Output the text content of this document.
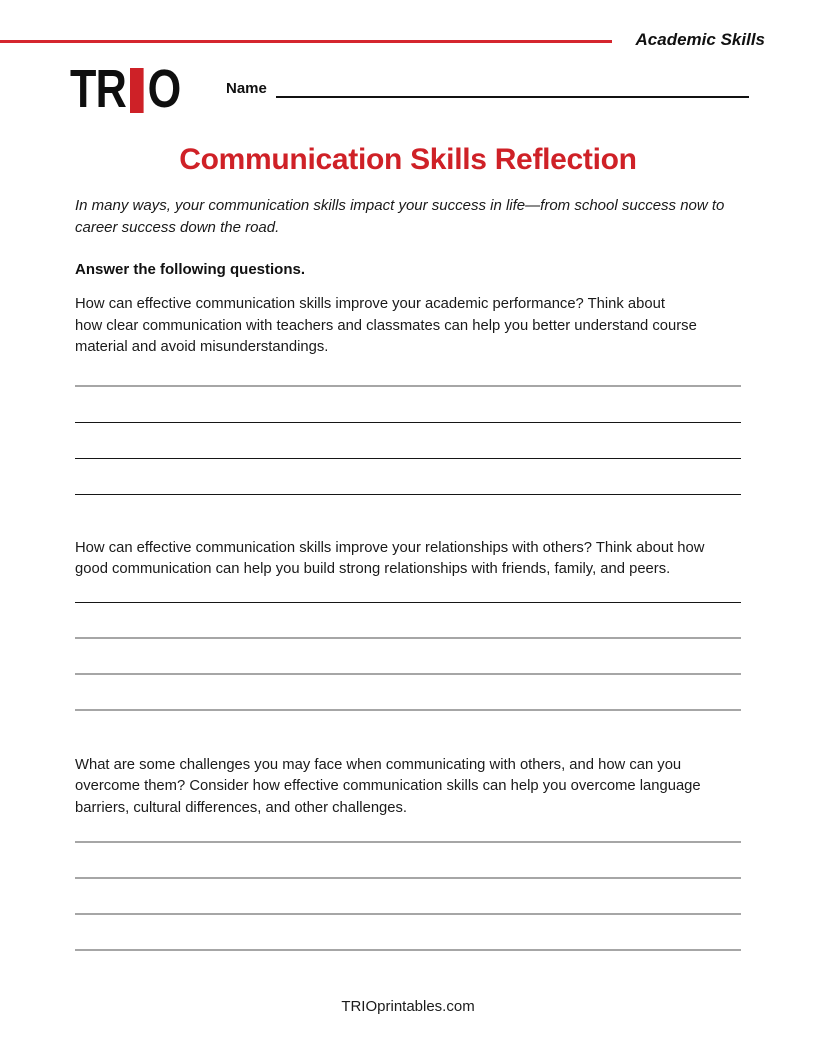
Academic Skills
TR O	Name
Communication Skills Reflection
In many ways, your communication skills impact your success in life—from school success now to
career success down the road.
Answer the following questions.
How can effective communication skills improve your academic performance? Think about
how clear communication with teachers and classmates can help you better understand course
material and avoid misunderstandings.
How can effective communication skills improve your relationships with others? Think about how
good communication can help you build strong relationships with friends, family, and peers.
What are some challenges you may face when communicating with others, and how can you
overcome them? Consider how effective communication skills can help you overcome language
barriers, cultural differences, and other challenges.
TRIOprintables.com
